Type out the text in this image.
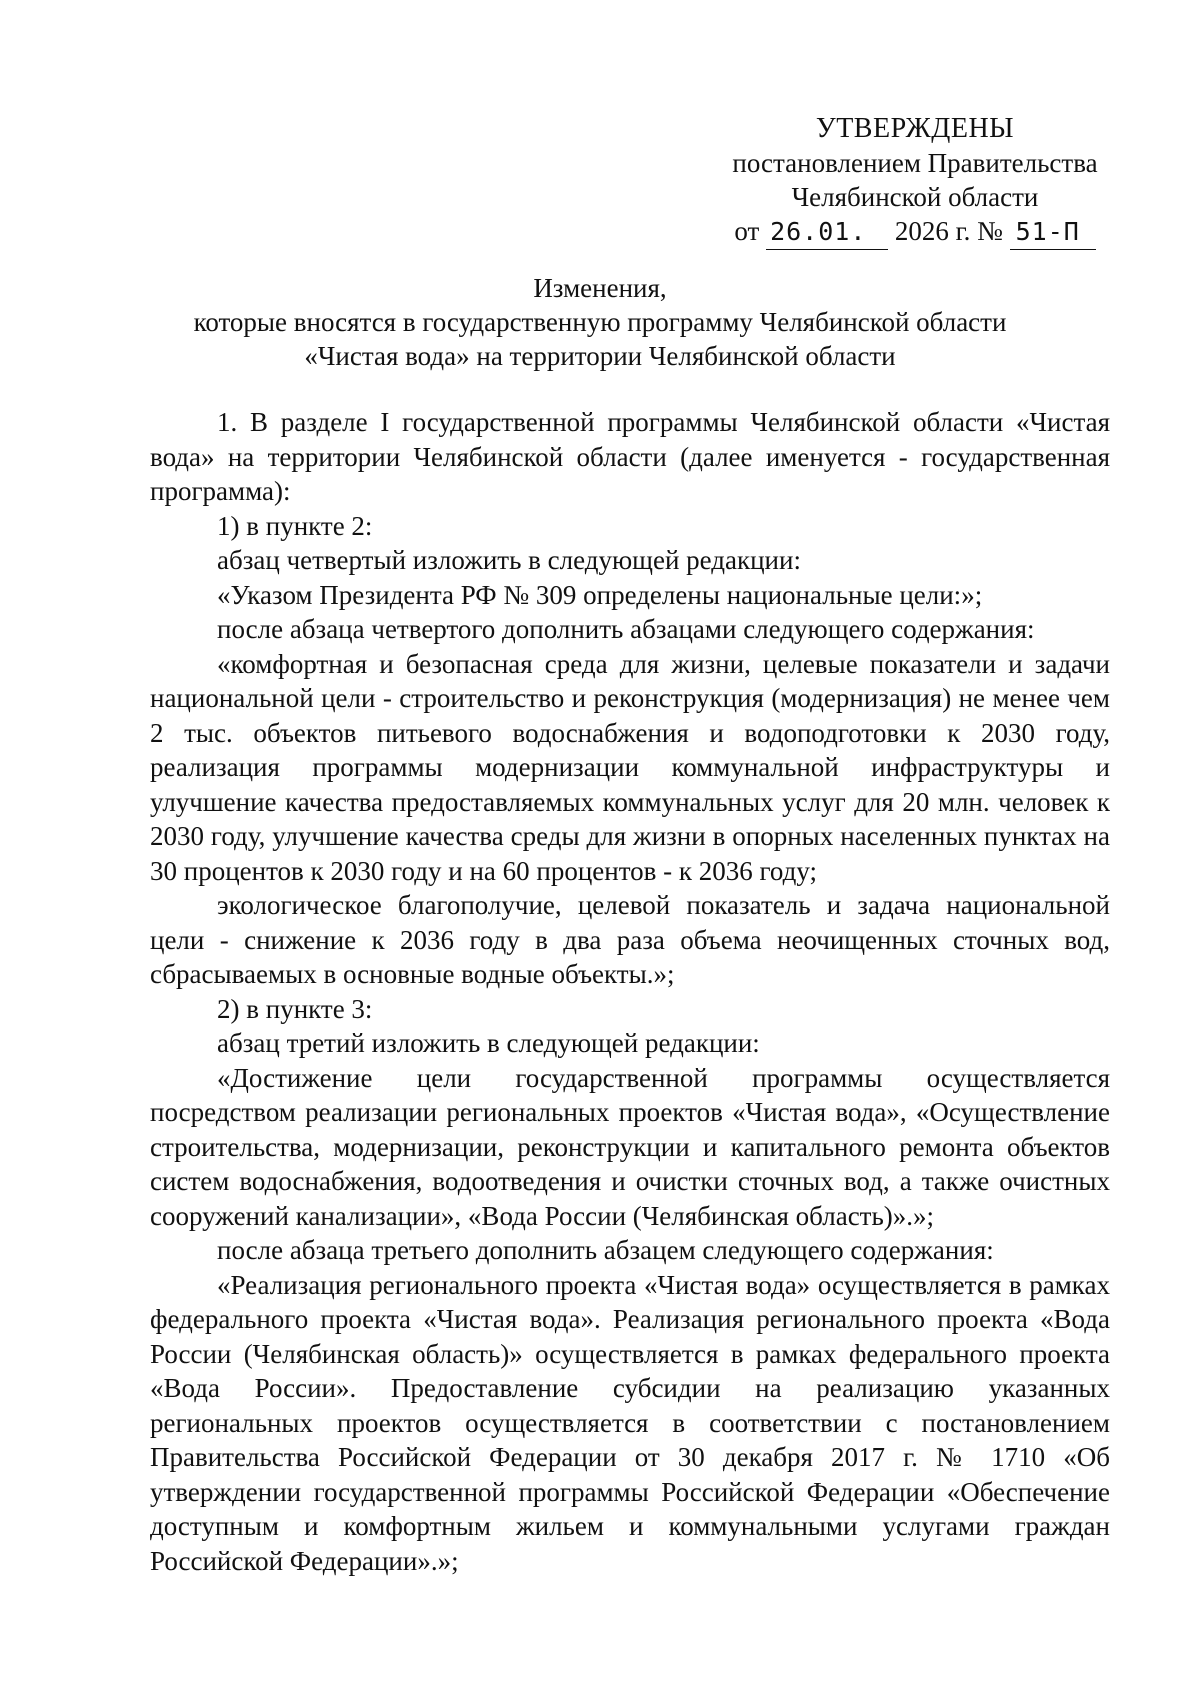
УТВЕРЖДЕНЫ
постановлением Правительства
Челябинской области
от 26.01. 2026 г. № 51-П
Изменения,
которые вносятся в государственную программу Челябинской области
«Чистая вода» на территории Челябинской области

1. В разделе I государственной программы Челябинской области «Чистая вода» на территории Челябинской области (далее именуется - государственная программа):

1) в пункте 2:

абзац четвертый изложить в следующей редакции:

«Указом Президента РФ № 309 определены национальные цели:»;

после абзаца четвертого дополнить абзацами следующего содержания:

«комфортная и безопасная среда для жизни, целевые показатели и задачи национальной цели - строительство и реконструкция (модернизация) не менее чем 2 тыс. объектов питьевого водоснабжения и водоподготовки к 2030 году, реализация программы модернизации коммунальной инфраструктуры и улучшение качества предоставляемых коммунальных услуг для 20 млн. человек к 2030 году, улучшение качества среды для жизни в опорных населенных пунктах на 30 процентов к 2030 году и на 60 процентов - к 2036 году;

экологическое благополучие, целевой показатель и задача национальной цели - снижение к 2036 году в два раза объема неочищенных сточных вод, сбрасываемых в основные водные объекты.»;

2) в пункте 3:

абзац третий изложить в следующей редакции:

«Достижение цели государственной программы осуществляется посредством реализации региональных проектов «Чистая вода», «Осуществление строительства, модернизации, реконструкции и капитального ремонта объектов систем водоснабжения, водоотведения и очистки сточных вод, а также очистных сооружений канализации», «Вода России (Челябинская область)».»;

после абзаца третьего дополнить абзацем следующего содержания:

«Реализация регионального проекта «Чистая вода» осуществляется в рамках федерального проекта «Чистая вода». Реализация регионального проекта «Вода России (Челябинская область)» осуществляется в рамках федерального проекта «Вода России». Предоставление субсидии на реализацию указанных региональных проектов осуществляется в соответствии с постановлением Правительства Российской Федерации от 30 декабря 2017 г. № 1710 «Об утверждении государственной программы Российской Федерации «Обеспечение доступным и комфортным жильем и коммунальными услугами граждан Российской Федерации».»;
